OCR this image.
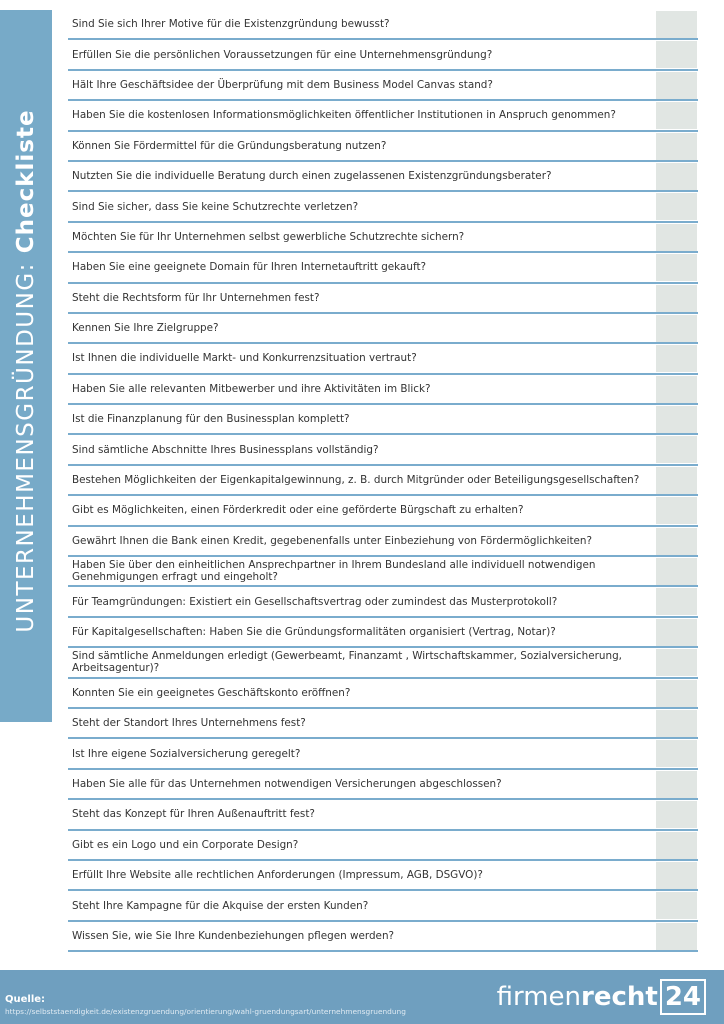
UNTERNEHMENSGRÜNDUNG: Checkliste
Sind Sie sich Ihrer Motive für die Existenzgründung bewusst?
Erfüllen Sie die persönlichen Voraussetzungen für eine Unternehmensgründung?
Hält Ihre Geschäftsidee der Überprüfung mit dem Business Model Canvas stand?
Haben Sie die kostenlosen Informationsmöglichkeiten öffentlicher Institutionen in Anspruch genommen?
Können Sie Fördermittel für die Gründungsberatung nutzen?
Nutzten Sie die individuelle Beratung durch einen zugelassenen Existenzgründungsberater?
Sind Sie sicher, dass Sie keine Schutzrechte verletzen?
Möchten Sie für Ihr Unternehmen selbst gewerbliche Schutzrechte sichern?
Haben Sie eine geeignete Domain für Ihren Internetauftritt gekauft?
Steht die Rechtsform für Ihr Unternehmen fest?
Kennen Sie Ihre Zielgruppe?
Ist Ihnen die individuelle Markt- und Konkurrenzsituation vertraut?
Haben Sie alle relevanten Mitbewerber und ihre Aktivitäten im Blick?
Ist die Finanzplanung für den Businessplan komplett?
Sind sämtliche Abschnitte Ihres Businessplans vollständig?
Bestehen Möglichkeiten der Eigenkapitalgewinnung, z. B. durch Mitgründer oder Beteiligungsgesellschaften?
Gibt es Möglichkeiten, einen Förderkredit oder eine geförderte Bürgschaft zu erhalten?
Gewährt Ihnen die Bank einen Kredit, gegebenenfalls unter Einbeziehung von Fördermöglichkeiten?
Haben Sie über den einheitlichen Ansprechpartner in Ihrem Bundesland alle individuell notwendigen Genehmigungen erfragt und eingeholt?
Für Teamgründungen: Existiert ein Gesellschaftsvertrag oder zumindest das Musterprotokoll?
Für Kapitalgesellschaften: Haben Sie die Gründungsformalitäten organisiert (Vertrag, Notar)?
Sind sämtliche Anmeldungen erledigt (Gewerbeamt, Finanzamt , Wirtschaftskammer, Sozialversicherung, Arbeitsagentur)?
Konnten Sie ein geeignetes Geschäftskonto eröffnen?
Steht der Standort Ihres Unternehmens fest?
Ist Ihre eigene Sozialversicherung geregelt?
Haben Sie alle für das Unternehmen notwendigen Versicherungen abgeschlossen?
Steht das Konzept für Ihren Außenauftritt fest?
Gibt es ein Logo und ein Corporate Design?
Erfüllt Ihre Website alle rechtlichen Anforderungen (Impressum, AGB, DSGVO)?
Steht Ihre Kampagne für die Akquise der ersten Kunden?
Wissen Sie, wie Sie Ihre Kundenbeziehungen pflegen werden?
Quelle:
https://selbststaendigkeit.de/existenzgruendung/orientierung/wahl-gruendungsart/unternehmensgruendung	firmenrecht 24
